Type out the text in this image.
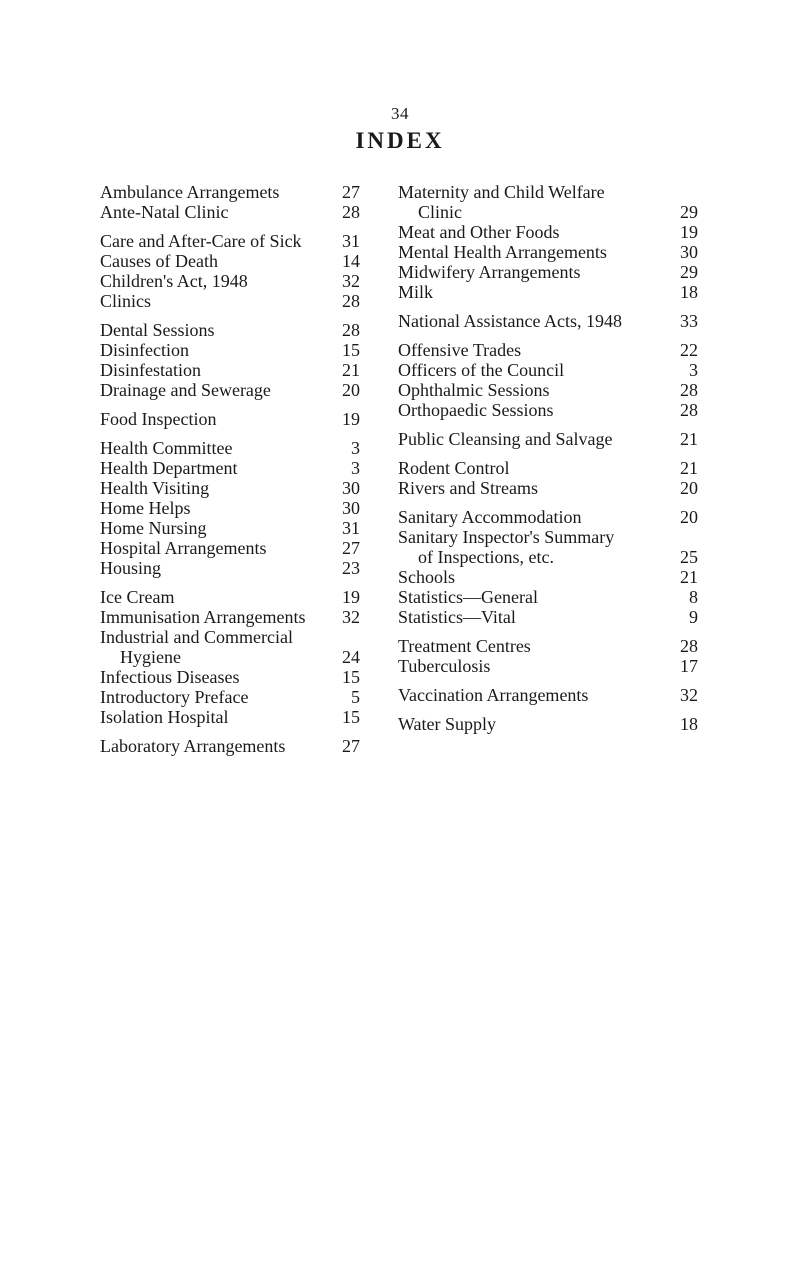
34
INDEX
Ambulance Arrangemets . . .	27
Ante-Natal Clinic . . .	28
Care and After-Care of Sick . . .	31
Causes of Death . . .	14
Children's Act, 1948 . . .	32
Clinics . . .	28
Dental Sessions . . .	28
Disinfection . . .	15
Disinfestation . . .	21
Drainage and Sewerage . . .	20
Food Inspection . . .	19
Health Committee . . .	3
Health Department . . .	3
Health Visiting . . .	30
Home Helps . . .	30
Home Nursing . . .	31
Hospital Arrangements . . .	27
Housing . . .	23
Ice Cream . . .	19
Immunisation Arrangements . . .	32
Industrial and Commercial
Hygiene . . .	24
Infectious Diseases . . .	15
Introductory Preface . . .	5
Isolation Hospital . . .	15
Laboratory Arrangements . . .	27
Maternity and Child Welfare
Clinic . . .	29
Meat and Other Foods . . .	19
Mental Health Arrangements . . .	30
Midwifery Arrangements . . .	29
Milk . . .	18
National Assistance Acts, 1948 . . .	33
Offensive Trades . . .	22
Officers of the Council . . .	3
Ophthalmic Sessions . . .	28
Orthopaedic Sessions . . .	28
Public Cleansing and Salvage . . .	21
Rodent Control . . .	21
Rivers and Streams . . .	20
Sanitary Accommodation . . .	20
Sanitary Inspector's Summary
of Inspections, etc. . . .	25
Schools . . .	21
Statistics—General . . .	8
Statistics—Vital . . .	9
Treatment Centres . . .	28
Tuberculosis . . .	17
Vaccination Arrangements . . .	32
Water Supply . . .	18
